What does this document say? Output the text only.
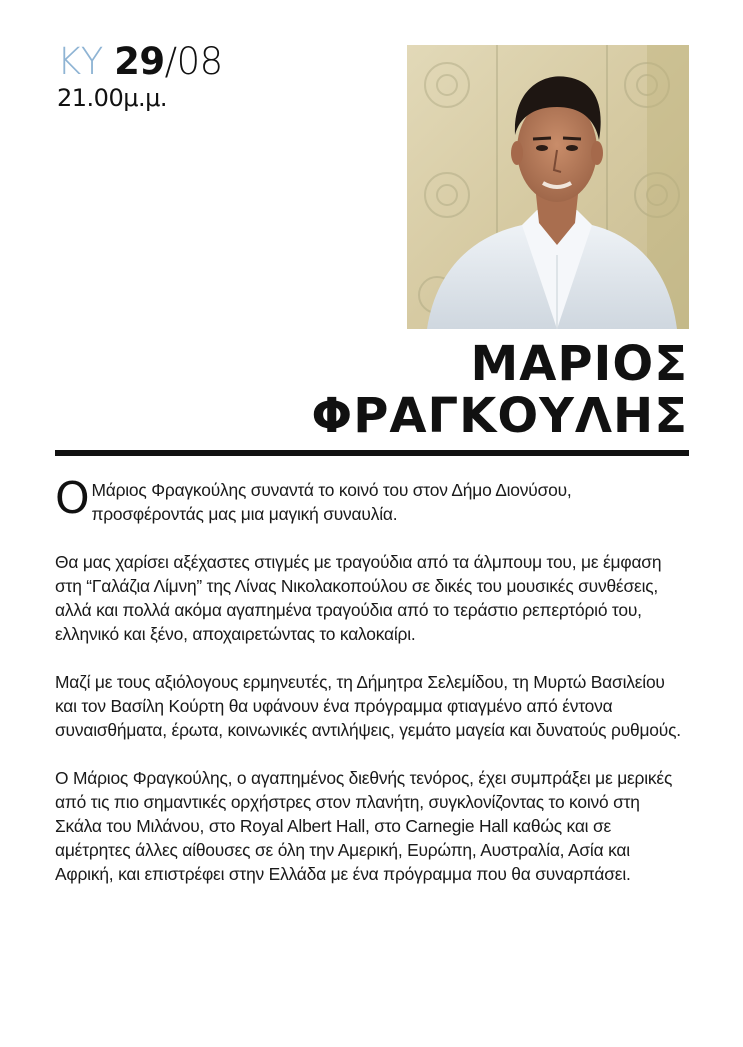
ΚΥ 29/08
21.00μ.μ.
ΜΑΡΙΟΣ
ΦΡΑΓΚΟΥΛΗΣ
Ο Μάριος Φραγκούλης συναντά το κοινό του στον Δήμο Διονύσου,
προσφέροντάς μας μια μαγική συναυλία.
Θα μας χαρίσει αξέχαστες στιγμές με τραγούδια από τα άλμπουμ του, με έμφαση στη “Γαλάζια Λίμνη” της Λίνας Νικολακοπούλου σε δικές του μουσικές συνθέσεις, αλλά και πολλά ακόμα αγαπημένα τραγούδια από το τεράστιο ρεπερτόριό του, ελληνικό και ξένο, αποχαιρετώντας το καλοκαίρι.
Μαζί με τους αξιόλογους ερμηνευτές, τη Δήμητρα Σελεμίδου, τη Μυρτώ Βασιλείου και τον Βασίλη Κούρτη θα υφάνουν ένα πρόγραμμα φτιαγμένο από έντονα συναισθήματα, έρωτα, κοινωνικές αντιλήψεις, γεμάτο μαγεία και δυνατούς ρυθμούς.
Ο Μάριος Φραγκούλης, ο αγαπημένος διεθνής τενόρος, έχει συμπράξει με μερικές από τις πιο σημαντικές ορχήστρες στον πλανήτη, συγκλονίζοντας το κοινό στη Σκάλα του Μιλάνου, στο Royal Albert Hall, στο Carnegie Hall καθώς και σε αμέτρητες άλλες αίθουσες σε όλη την Αμερική, Ευρώπη, Αυστραλία, Ασία και Αφρική, και επιστρέφει στην Ελλάδα με ένα πρόγραμμα που θα συναρπάσει.
